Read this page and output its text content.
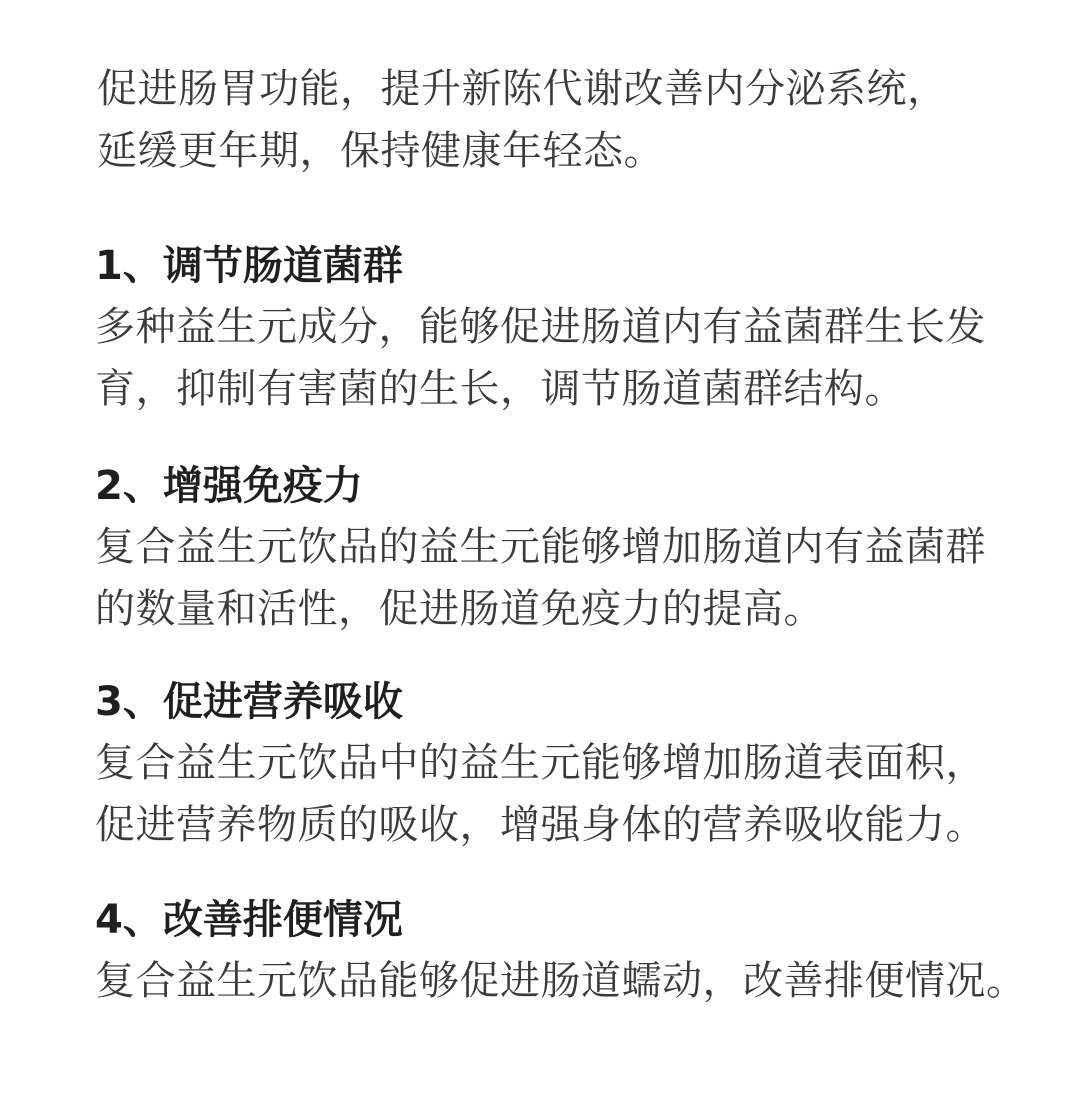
促进肠胃功能，提升新陈代谢改善内分泌系统，
延缓更年期，保持健康年轻态。
1、调节肠道菌群
多种益生元成分，能够促进肠道内有益菌群生长发
育，抑制有害菌的生长，调节肠道菌群结构。
2、增强免疫力
复合益生元饮品的益生元能够增加肠道内有益菌群
的数量和活性，促进肠道免疫力的提高。
3、促进营养吸收
复合益生元饮品中的益生元能够增加肠道表面积，
促进营养物质的吸收，增强身体的营养吸收能力。
4、改善排便情况
复合益生元饮品能够促进肠道蠕动，改善排便情况。
